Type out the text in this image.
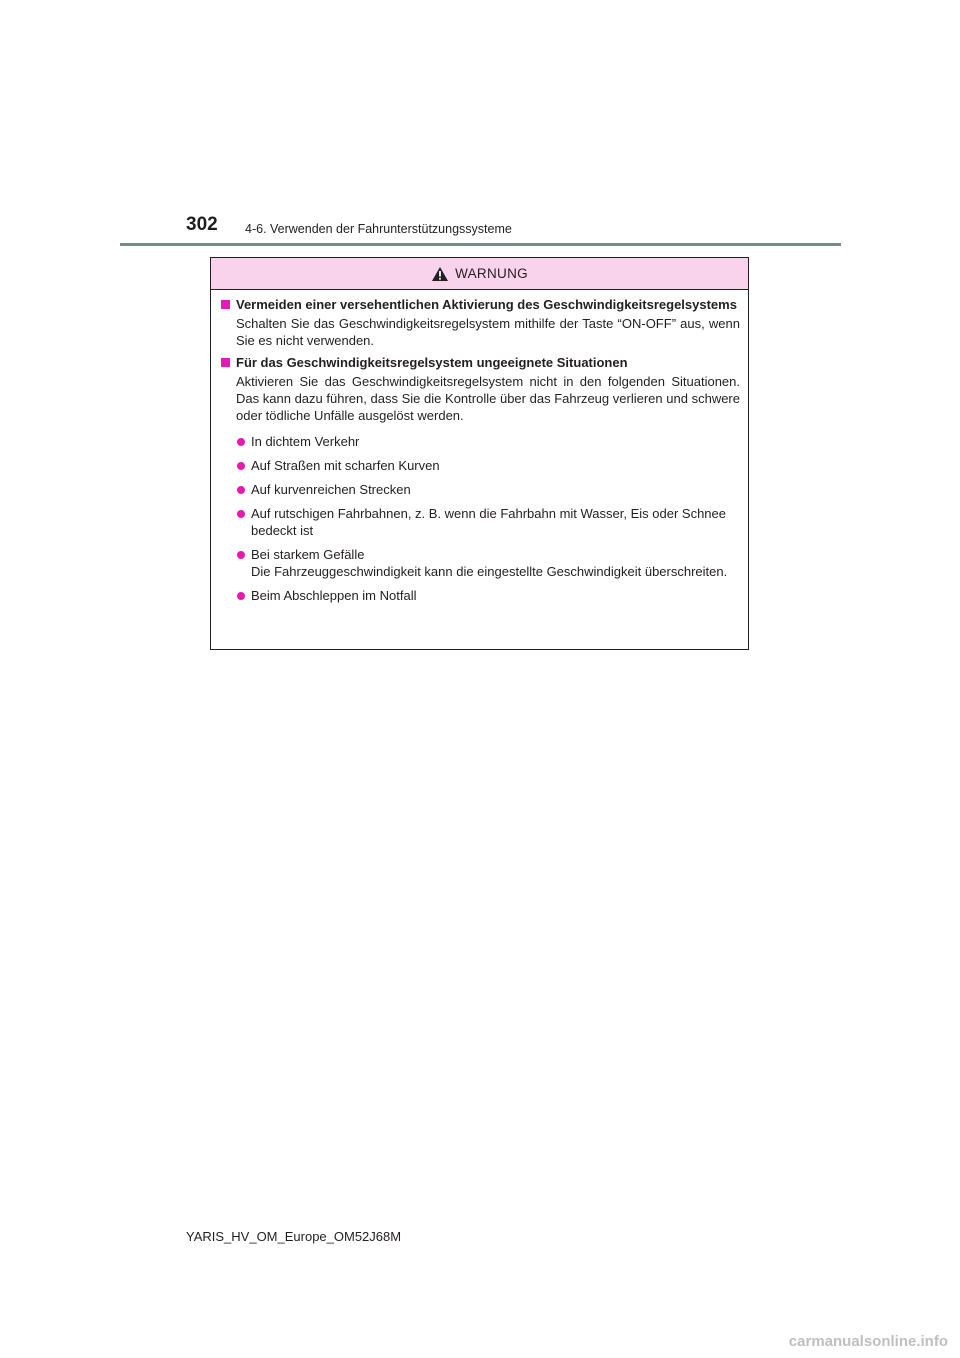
302 4-6. Verwenden der Fahrunterstützungssysteme
WARNUNG
Vermeiden einer versehentlichen Aktivierung des Geschwindigkeitsregelsystems
Schalten Sie das Geschwindigkeitsregelsystem mithilfe der Taste “ON-OFF” aus, wenn Sie es nicht verwenden.
Für das Geschwindigkeitsregelsystem ungeeignete Situationen
Aktivieren Sie das Geschwindigkeitsregelsystem nicht in den folgenden Situationen. Das kann dazu führen, dass Sie die Kontrolle über das Fahrzeug verlieren und schwere oder tödliche Unfälle ausgelöst werden.
In dichtem Verkehr
Auf Straßen mit scharfen Kurven
Auf kurvenreichen Strecken
Auf rutschigen Fahrbahnen, z. B. wenn die Fahrbahn mit Wasser, Eis oder Schnee bedeckt ist
Bei starkem Gefälle
Die Fahrzeuggeschwindigkeit kann die eingestellte Geschwindigkeit überschreiten.
Beim Abschleppen im Notfall
YARIS_HV_OM_Europe_OM52J68M
carmanualsonline.info
